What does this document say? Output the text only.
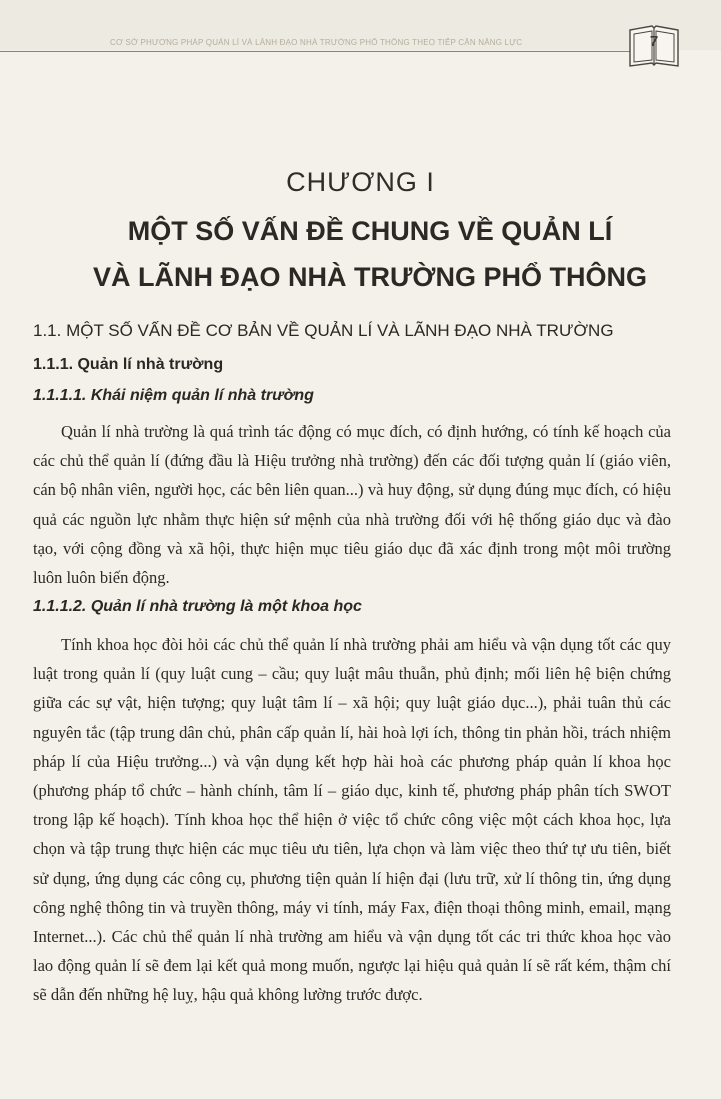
CƠ SỞ PHƯƠNG PHÁP QUẢN LÍ VÀ LÃNH ĐẠO NHÀ TRƯỜNG PHỔ THÔNG THEO TIẾP CẬN NĂNG LỰC	7
CHƯƠNG I
MỘT SỐ VẤN ĐỀ CHUNG VỀ QUẢN LÍ
VÀ LÃNH ĐẠO NHÀ TRƯỜNG PHỔ THÔNG
1.1. MỘT SỐ VẤN ĐỀ CƠ BẢN VỀ QUẢN LÍ VÀ LÃNH ĐẠO NHÀ TRƯỜNG
1.1.1. Quản lí nhà trường
1.1.1.1. Khái niệm quản lí nhà trường

Quản lí nhà trường là quá trình tác động có mục đích, có định hướng, có tính kế hoạch của các chủ thể quản lí (đứng đầu là Hiệu trưởng nhà trường) đến các đối tượng quản lí (giáo viên, cán bộ nhân viên, người học, các bên liên quan...) và huy động, sử dụng đúng mục đích, có hiệu quả các nguồn lực nhằm thực hiện sứ mệnh của nhà trường đối với hệ thống giáo dục và đào tạo, với cộng đồng và xã hội, thực hiện mục tiêu giáo dục đã xác định trong một môi trường luôn luôn biến động.

1.1.1.2. Quản lí nhà trường là một khoa học

Tính khoa học đòi hỏi các chủ thể quản lí nhà trường phải am hiểu và vận dụng tốt các quy luật trong quản lí (quy luật cung – cầu; quy luật mâu thuẫn, phủ định; mối liên hệ biện chứng giữa các sự vật, hiện tượng; quy luật tâm lí – xã hội; quy luật giáo dục...), phải tuân thủ các nguyên tắc (tập trung dân chủ, phân cấp quản lí, hài hoà lợi ích, thông tin phản hồi, trách nhiệm pháp lí của Hiệu trưởng...) và vận dụng kết hợp hài hoà các phương pháp quản lí khoa học (phương pháp tổ chức – hành chính, tâm lí – giáo dục, kinh tế, phương pháp phân tích SWOT trong lập kế hoạch). Tính khoa học thể hiện ở việc tổ chức công việc một cách khoa học, lựa chọn và tập trung thực hiện các mục tiêu ưu tiên, lựa chọn và làm việc theo thứ tự ưu tiên, biết sử dụng, ứng dụng các công cụ, phương tiện quản lí hiện đại (lưu trữ, xử lí thông tin, ứng dụng công nghệ thông tin và truyền thông, máy vi tính, máy Fax, điện thoại thông minh, email, mạng Internet...). Các chủ thể quản lí nhà trường am hiểu và vận dụng tốt các tri thức khoa học vào lao động quản lí sẽ đem lại kết quả mong muốn, ngược lại hiệu quả quản lí sẽ rất kém, thậm chí sẽ dẫn đến những hệ luỵ, hậu quả không lường trước được.
